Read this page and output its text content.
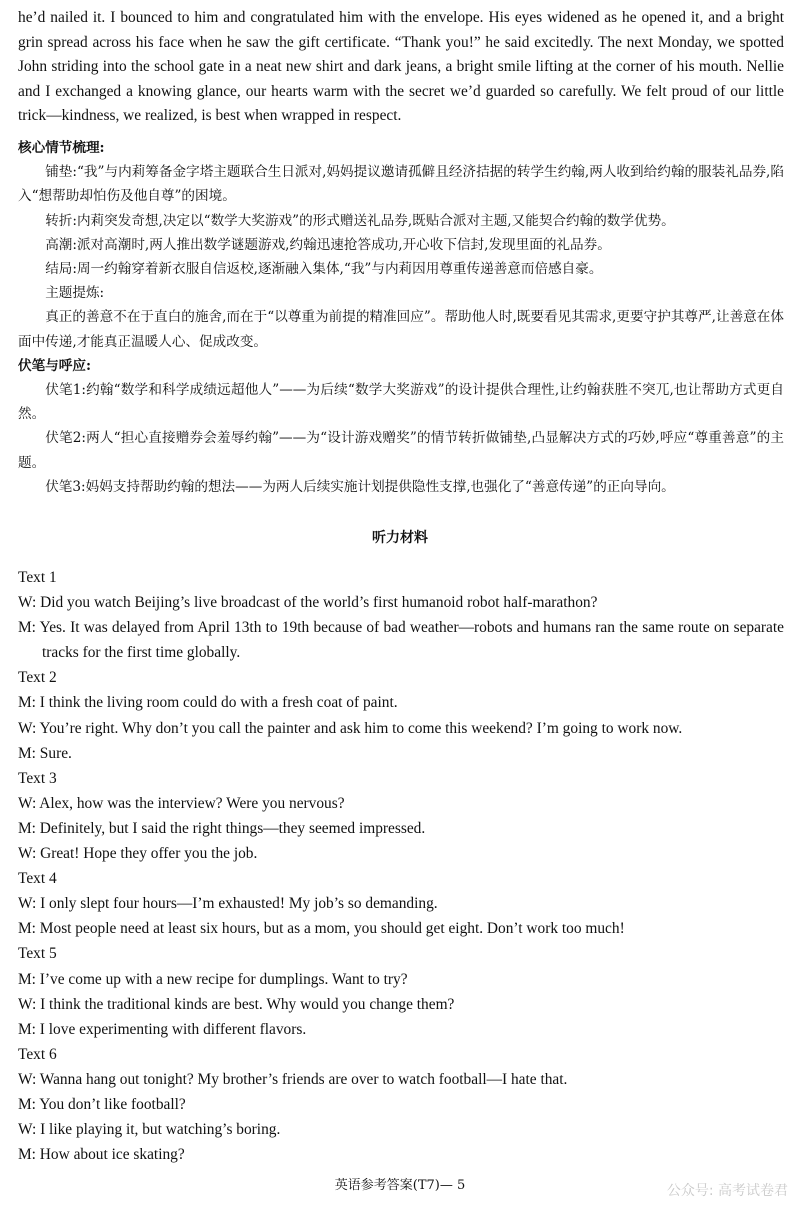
he’d nailed it. I bounced to him and congratulated him with the envelope. His eyes widened as he opened it, and a bright grin spread across his face when he saw the gift certificate. “Thank you!” he said excitedly. The next Monday, we spotted John striding into the school gate in a neat new shirt and dark jeans, a bright smile lifting at the corner of his mouth. Nellie and I exchanged a knowing glance, our hearts warm with the secret we’d guarded so carefully. We felt proud of our little trick—kindness, we realized, is best when wrapped in respect.

核心情节梳理:

铺垫:“我”与内莉筹备金字塔主题联合生日派对,妈妈提议邀请孤僻且经济拮据的转学生约翰,两人收到给约翰的服装礼品券,陷入“想帮助却怕伤及他自尊”的困境。

转折:内莉突发奇想,决定以“数学大奖游戏”的形式赠送礼品券,既贴合派对主题,又能契合约翰的数学优势。

高潮:派对高潮时,两人推出数学谜题游戏,约翰迅速抢答成功,开心收下信封,发现里面的礼品券。

结局:周一约翰穿着新衣服自信返校,逐渐融入集体,“我”与内莉因用尊重传递善意而倍感自豪。

主题提炼:

真正的善意不在于直白的施舍,而在于“以尊重为前提的精准回应”。帮助他人时,既要看见其需求,更要守护其尊严,让善意在体面中传递,才能真正温暖人心、促成改变。

伏笔与呼应:

伏笔1:约翰“数学和科学成绩远超他人”——为后续“数学大奖游戏”的设计提供合理性,让约翰获胜不突兀,也让帮助方式更自然。

伏笔2:两人“担心直接赠券会羞辱约翰”——为“设计游戏赠奖”的情节转折做铺垫,凸显解决方式的巧妙,呼应“尊重善意”的主题。

伏笔3:妈妈支持帮助约翰的想法——为两人后续实施计划提供隐性支撑,也强化了“善意传递”的正向导向。

听力材料

Text 1

W: Did you watch Beijing’s live broadcast of the world’s first humanoid robot half-marathon?

M: Yes. It was delayed from April 13th to 19th because of bad weather—robots and humans ran the same route on separate tracks for the first time globally.

Text 2

M: I think the living room could do with a fresh coat of paint.

W: You’re right. Why don’t you call the painter and ask him to come this weekend? I’m going to work now.

M: Sure.

Text 3

W: Alex, how was the interview? Were you nervous?

M: Definitely, but I said the right things—they seemed impressed.

W: Great! Hope they offer you the job.

Text 4

W: I only slept four hours—I’m exhausted! My job’s so demanding.

M: Most people need at least six hours, but as a mom, you should get eight. Don’t work too much!

Text 5

M: I’ve come up with a new recipe for dumplings. Want to try?

W: I think the traditional kinds are best. Why would you change them?

M: I love experimenting with different flavors.

Text 6

W: Wanna hang out tonight? My brother’s friends are over to watch football—I hate that.

M: You don’t like football?

W: I like playing it, but watching’s boring.

M: How about ice skating?

英语参考答案(T7)— 5	公众号: 高考试卷君
